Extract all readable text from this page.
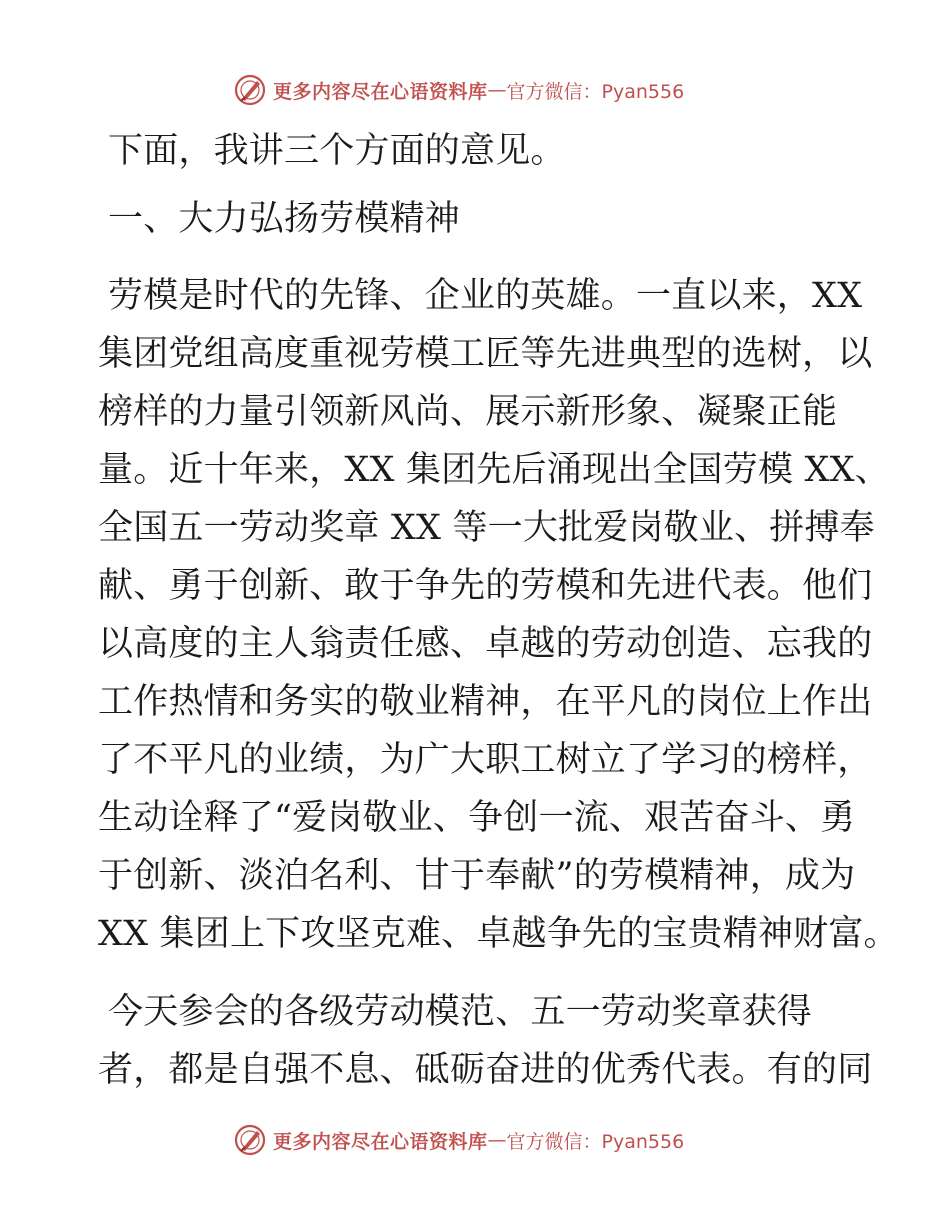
更多内容尽在心语资料库 — 官方微信：Pyan556
下面，我讲三个方面的意见。
一、大力弘扬劳模精神
劳模是时代的先锋、企业的英雄。一直以来，XX
集团党组高度重视劳模工匠等先进典型的选树，以
榜样的力量引领新风尚、展示新形象、凝聚正能
量。近十年来，XX 集团先后涌现出全国劳模 XX、
全国五一劳动奖章 XX 等一大批爱岗敬业、拼搏奉
献、勇于创新、敢于争先的劳模和先进代表。他们
以高度的主人翁责任感、卓越的劳动创造、忘我的
工作热情和务实的敬业精神，在平凡的岗位上作出
了不平凡的业绩，为广大职工树立了学习的榜样，
生动诠释了“爱岗敬业、争创一流、艰苦奋斗、勇
于创新、淡泊名利、甘于奉献”的劳模精神，成为
XX 集团上下攻坚克难、卓越争先的宝贵精神财富。
今天参会的各级劳动模范、五一劳动奖章获得
者，都是自强不息、砥砺奋进的优秀代表。有的同
更多内容尽在心语资料库 — 官方微信：Pyan556
